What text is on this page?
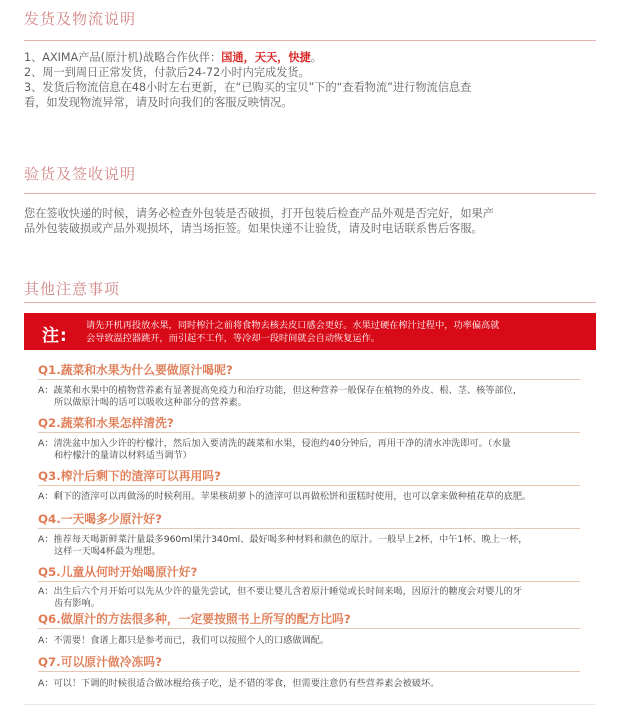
发货及物流说明
1、AXIMA产品(原汁机)战略合作伙伴：国通，天天，快捷。
2、周一到周日正常发货，付款后24-72小时内完成发货。
3、发货后物流信息在48小时左右更新，在“已购买的宝贝”下的“查看物流”进行物流信息查
看，如发现物流异常，请及时向我们的客服反映情况。
验货及签收说明
您在签收快递的时候，请务必检查外包装是否破损，打开包装后检查产品外观是否完好，如果产
品外包装破损或产品外观损坏，请当场拒签。如果快递不让验货，请及时电话联系售后客服。
其他注意事项
注:
请先开机再投放水果，同时榨汁之前将食物去核去皮口感会更好。水果过硬在榨汁过程中，功率偏高就
会导致温控器跳开，而引起不工作，等冷却一段时间就会自动恢复运作。
Q1.蔬菜和水果为什么要做原汁喝呢?
A：蔬菜和水果中的植物营养素有显著提高免疫力和治疗功能，但这种营养一般保存在植物的外皮、根、茎、核等部位，
所以做原汁喝的话可以吸收这种部分的营养素。
Q2.蔬菜和水果怎样清洗?
A：清洗盆中加入少许的柠檬汁，然后加入要清洗的蔬菜和水果，侵泡约40分钟后，再用干净的清水冲洗即可。（水量
和柠檬汁的量请以材料适当调节）
Q3.榨汁后剩下的渣滓可以再用吗?
A：剩下的渣滓可以再做汤的时候利用。苹果核胡萝卜的渣滓可以再做松饼和蛋糕时使用，也可以拿来做种植花草的底肥。
Q4.一天喝多少原汁好?
A：推荐每天喝新鲜菜汁量最多960ml果汁340ml、最好喝多种材料和颜色的原汁。一般早上2杯，中午1杯、晚上一杯，
这样一天喝4杯最为理想。
Q5.儿童从何时开始喝原汁好?
A：出生后六个月开始可以先从少许的量先尝试，但不要让婴儿含着原汁睡觉或长时间来喝，因原汁的糖度会对婴儿的牙
齿有影响。
Q6.做原汁的方法很多种，一定要按照书上所写的配方比吗?
A：不需要！食谱上都只是参考而已，我们可以按照个人的口感做调配。
Q7.可以原汁做冷冻吗?
A：可以！下调的时候很适合做冰棍给孩子吃，是不错的零食，但需要注意仍有些营养素会被破坏。
